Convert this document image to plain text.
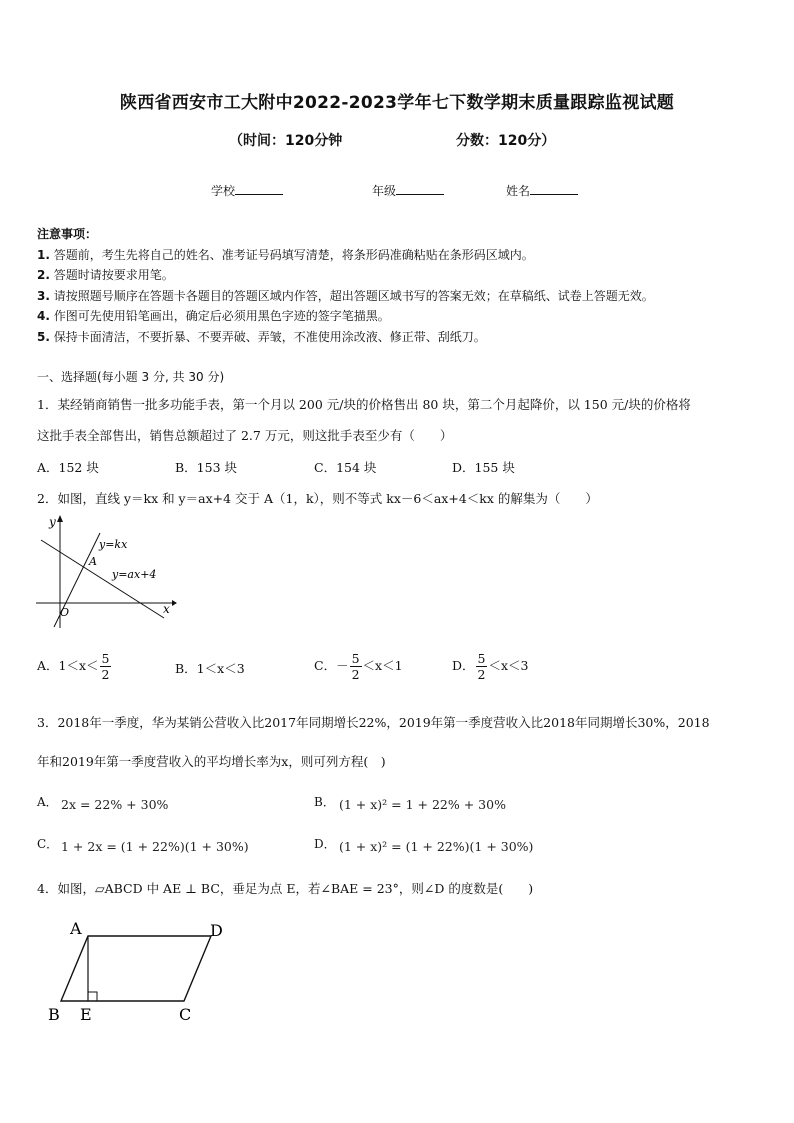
陕西省西安市工大附中2022-2023学年七下数学期末质量跟踪监视试题
（时间：120分钟	分数：120分）
学校	年级	姓名
注意事项：
1. 答题前，考生先将自己的姓名、准考证号码填写清楚，将条形码准确粘贴在条形码区域内。
2. 答题时请按要求用笔。
3. 请按照题号顺序在答题卡各题目的答题区域内作答，超出答题区域书写的答案无效；在草稿纸、试卷上答题无效。
4. 作图可先使用铅笔画出，确定后必须用黑色字迹的签字笔描黑。
5. 保持卡面清洁，不要折暴、不要弄破、弄皱，不准使用涂改液、修正带、刮纸刀。
一、选择题(每小题 3 分, 共 30 分)
1．某经销商销售一批多功能手表，第一个月以 200 元/块的价格售出 80 块，第二个月起降价，以 150 元/块的价格将
这批手表全部售出，销售总额超过了 2.7 万元，则这批手表至少有（　　）
A．152 块	B．153 块	C．154 块	D．155 块
2．如图，直线 y＝kx 和 y＝ax+4 交于 A（1，k），则不等式 kx－6＜ax+4＜kx 的解集为（　　）
y
x
O
A
y=kx
y=ax+4
A．$1<x< \frac{5}{2}$	B．1＜x＜3	C．－ $\frac{5}{2} <x<1$	D． $\frac{5}{2} <x<3$
3．2018年一季度，华为某销公营收入比2017年同期增长22%，2019年第一季度营收入比2018年同期增长30%，2018
年和2019年第一季度营收入的平均增长率为x，则可列方程(　)
A． 2x = 22% + 30%	B． (1 + x)² = 1 + 22% + 30%
C． 1 + 2x = (1 + 22%)(1 + 30%)	D． (1 + x)² = (1 + 22%)(1 + 30%)
4．如图，▱ABCD 中 AE ⊥ BC，垂足为点 E，若∠BAE = 23°，则∠D 的度数是(　　)
A	D
B E	C
